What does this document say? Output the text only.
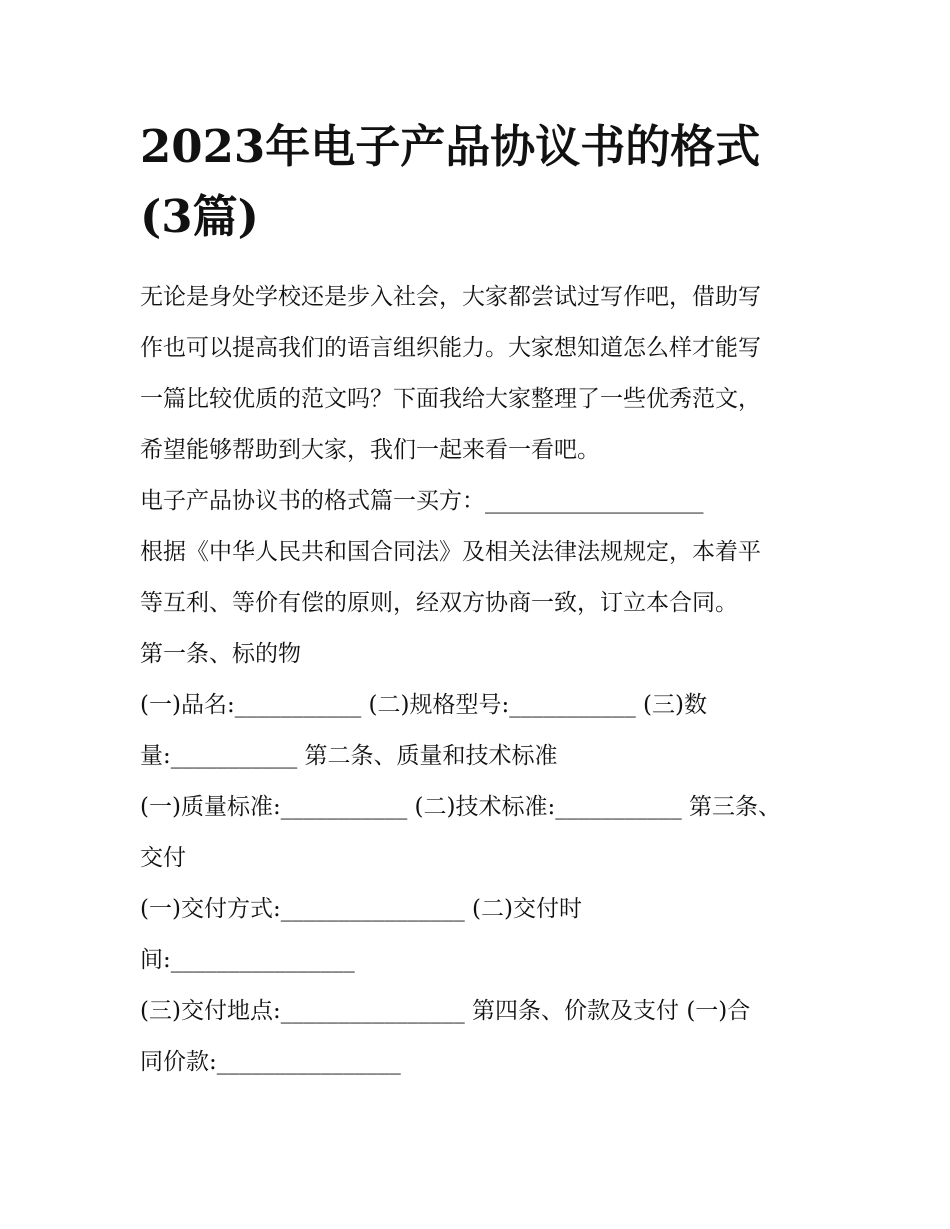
2023年电子产品协议书的格式
(3篇)

无论是身处学校还是步入社会，大家都尝试过写作吧，借助写

作也可以提高我们的语言组织能力。大家想知道怎么样才能写

一篇比较优质的范文吗？下面我给大家整理了一些优秀范文，

希望能够帮助到大家，我们一起来看一看吧。

电子产品协议书的格式篇一买方：___________________

根据《中华人民共和国合同法》及相关法律法规规定，本着平

等互利、等价有偿的原则，经双方协商一致，订立本合同。

第一条、标的物

(一)品名:___________ (二)规格型号:___________ (三)数

量:___________ 第二条、质量和技术标准

(一)质量标准:___________ (二)技术标准:___________ 第三条、

交付

(一)交付方式:________________ (二)交付时

间:________________

(三)交付地点:________________ 第四条、价款及支付 (一)合

同价款:________________
